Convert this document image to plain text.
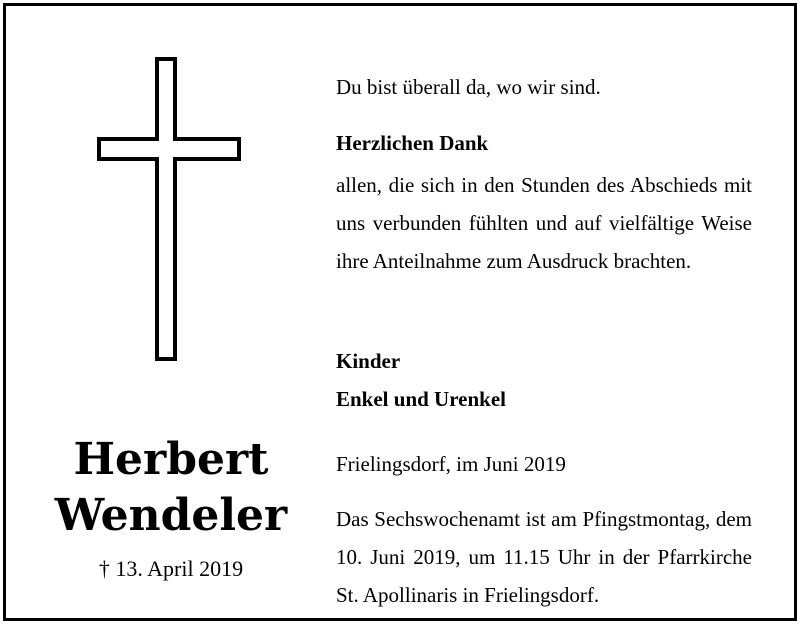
Herbert
Wendeler
† 13. April 2019

Du bist überall da, wo wir sind.

Herzlichen Dank

allen, die sich in den Stunden des Abschieds mit uns verbunden fühlten und auf vielfältige Weise ihre Anteilnahme zum Ausdruck brachten.

Kinder

Enkel und Urenkel

Frielingsdorf, im Juni 2019

Das Sechswochenamt ist am Pfingstmontag, dem 10. Juni 2019, um 11.15 Uhr in der Pfarrkirche St. Apollinaris in Frielingsdorf.
